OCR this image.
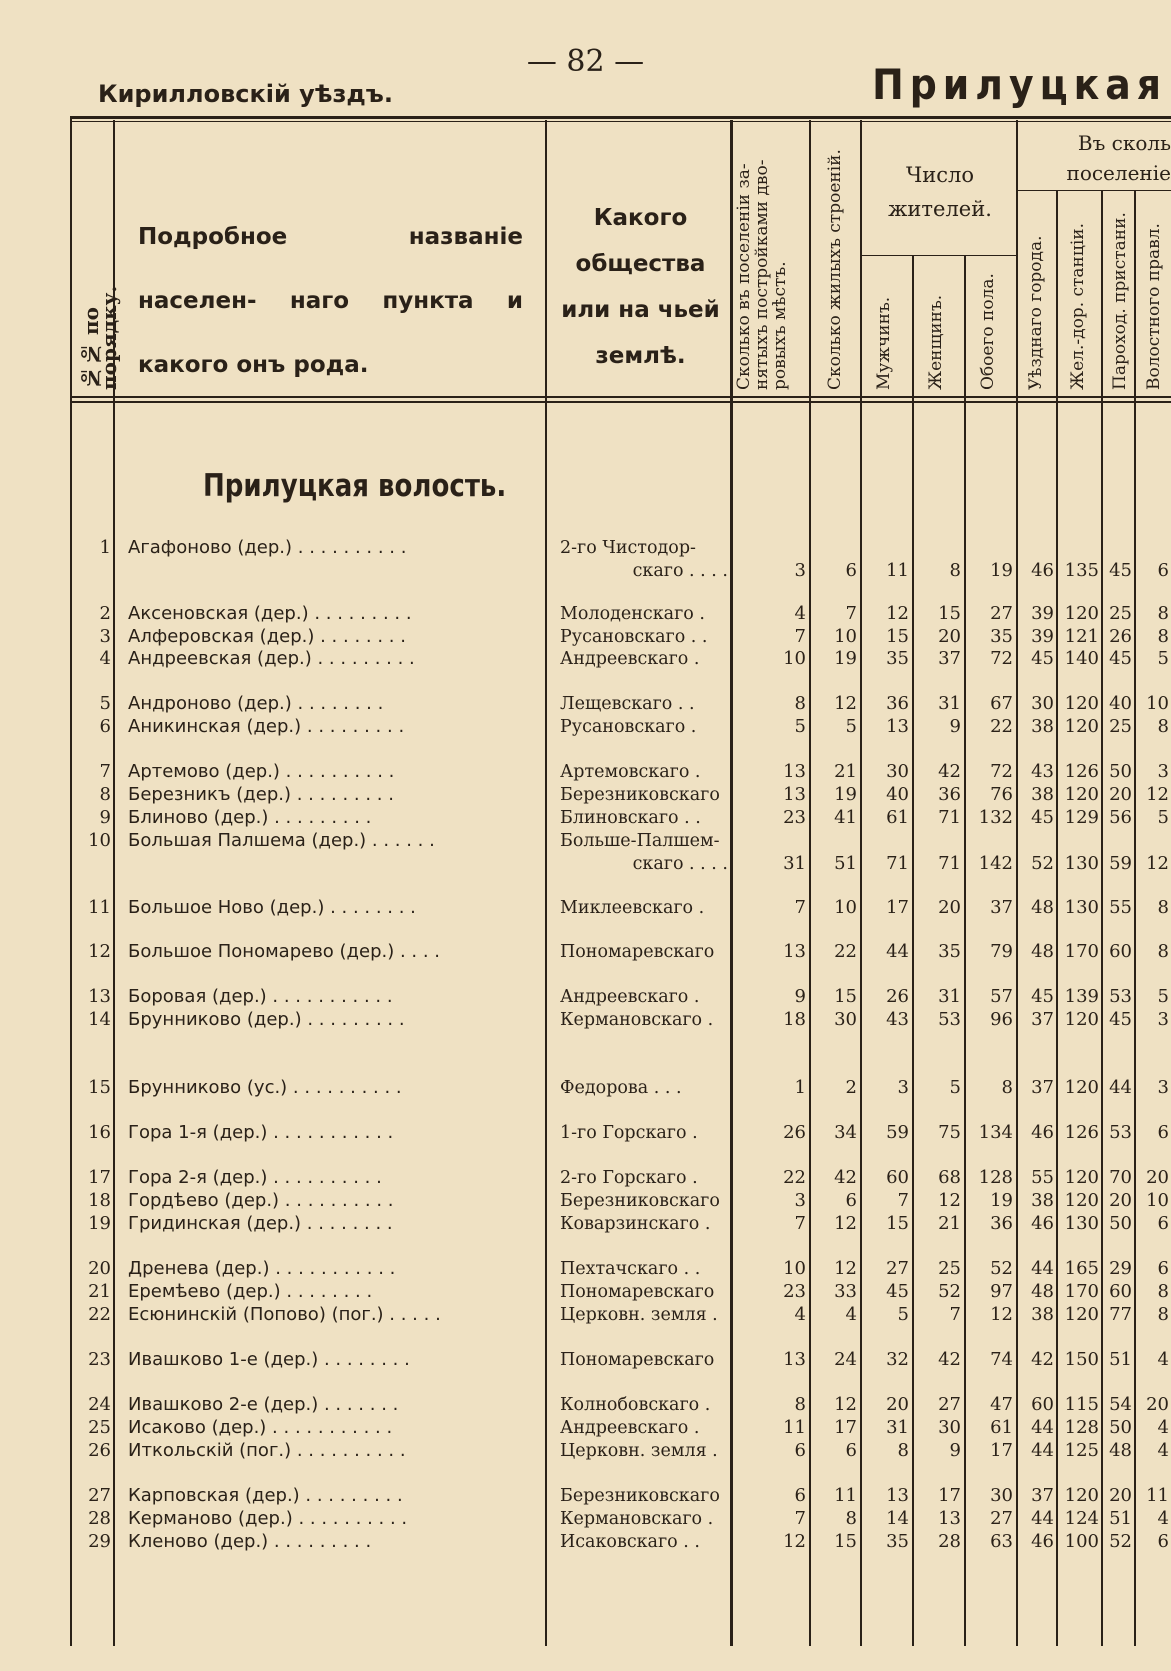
— 82 —
Кирилловскій уѣздъ.	Прилуцкая
№№ по порядку.
Подробное названіе населен- наго пункта и какого онъ рода.
Какого общества или на чьей землѣ.	Сколько въ поселеніи за- нятыхъ постройками дво- ровыхъ мѣстъ.	Сколько жилыхъ строеній.	Число жителей.
Мужчинъ. Женщинъ. Обоего пола.
Въ сколь поселеніе
Уѣзднаго города. Жел.-дор. станціи. Пароход. пристани. Волостного правл.
Прилуцкая волость.
1 Агафоново (дер.) . . . . . . . . . .	2-го Чистодор-
скаго . . . .	3	6	11	8	19	46 135 45	6
2 Аксеновская (дер.) . . . . . . . . .	Молоденскаго .	4	7	12	15	27	39 120 25	8
3 Алферовская (дер.) . . . . . . . .	Русановскаго . .	7	10	15	20	35	39 121 26	8
4 Андреевская (дер.) . . . . . . . . .	Андреевскаго .	10	19	35	37	72	45 140 45	5
5 Андроново (дер.) . . . . . . . .	Лещевскаго . .	8	12	36	31	67	30 120 40 10
6 Аникинская (дер.) . . . . . . . . .	Русановскаго .	5	5	13	9	22	38 120 25	8
7 Артемово (дер.) . . . . . . . . . .	Артемовскаго .	13	21	30	42	72	43 126 50	3
8 Березникъ (дер.) . . . . . . . . .	Березниковскаго	13	19	40	36	76	38 120 20 12
9 Блиново (дер.) . . . . . . . . .	Блиновскаго . .	23	41	61	71 132	45 129 56	5
10 Большая Палшема (дер.) . . . . . .	Больше-Палшем-
скаго . . . .	31	51	71	71 142	52 130 59 12
11 Большое Ново (дер.) . . . . . . . .	Миклеевскаго .	7	10	17	20	37	48 130 55	8
12 Большое Пономарево (дер.) . . . .	Пономаревскаго	13	22	44	35	79	48 170 60	8
13 Боровая (дер.) . . . . . . . . . . .	Андреевскаго .	9	15	26	31	57	45 139 53	5
14 Брунниково (дер.) . . . . . . . . .	Кермановскаго .	18	30	43	53	96	37 120 45	3
15 Брунниково (ус.) . . . . . . . . . .	Федорова . . .	1	2	3	5	8	37 120 44	3
16 Гора 1-я (дер.) . . . . . . . . . . .	1-го Горскаго .	26	34	59	75 134	46 126 53	6
17 Гора 2-я (дер.) . . . . . . . . . .	2-го Горскаго .	22	42	60	68 128	55 120 70 20
18 Гордѣево (дер.) . . . . . . . . . .	Березниковскаго	3	6	7	12	19	38 120 20 10
19 Гридинская (дер.) . . . . . . . .	Коварзинскаго .	7	12	15	21	36	46 130 50	6
20 Дренева (дер.) . . . . . . . . . . .	Пехтачскаго . .	10	12	27	25	52	44 165 29	6
21 Еремѣево (дер.) . . . . . . . .	Пономаревскаго	23	33	45	52	97	48 170 60	8
22 Есюнинскій (Попово) (пог.) . . . . .	Церковн. земля .	4	4	5	7	12	38 120 77	8
23 Ивашково 1-е (дер.) . . . . . . . .	Пономаревскаго	13	24	32	42	74	42 150 51	4
24 Ивашково 2-е (дер.) . . . . . . .	Колнобовскаго .	8	12	20	27	47	60 115 54 20
25 Исаково (дер.) . . . . . . . . . . .	Андреевскаго .	11	17	31	30	61	44 128 50	4
26 Иткольскій (пог.) . . . . . . . . . .	Церковн. земля .	6	6	8	9	17	44 125 48	4
27 Карповская (дер.) . . . . . . . . .	Березниковскаго	6	11	13	17	30	37 120 20 11
28 Керманово (дер.) . . . . . . . . . .	Кермановскаго .	7	8	14	13	27	44 124 51	4
29 Кленово (дер.) . . . . . . . . .	Исаковскаго . .	12	15	35	28	63	46 100 52	6
